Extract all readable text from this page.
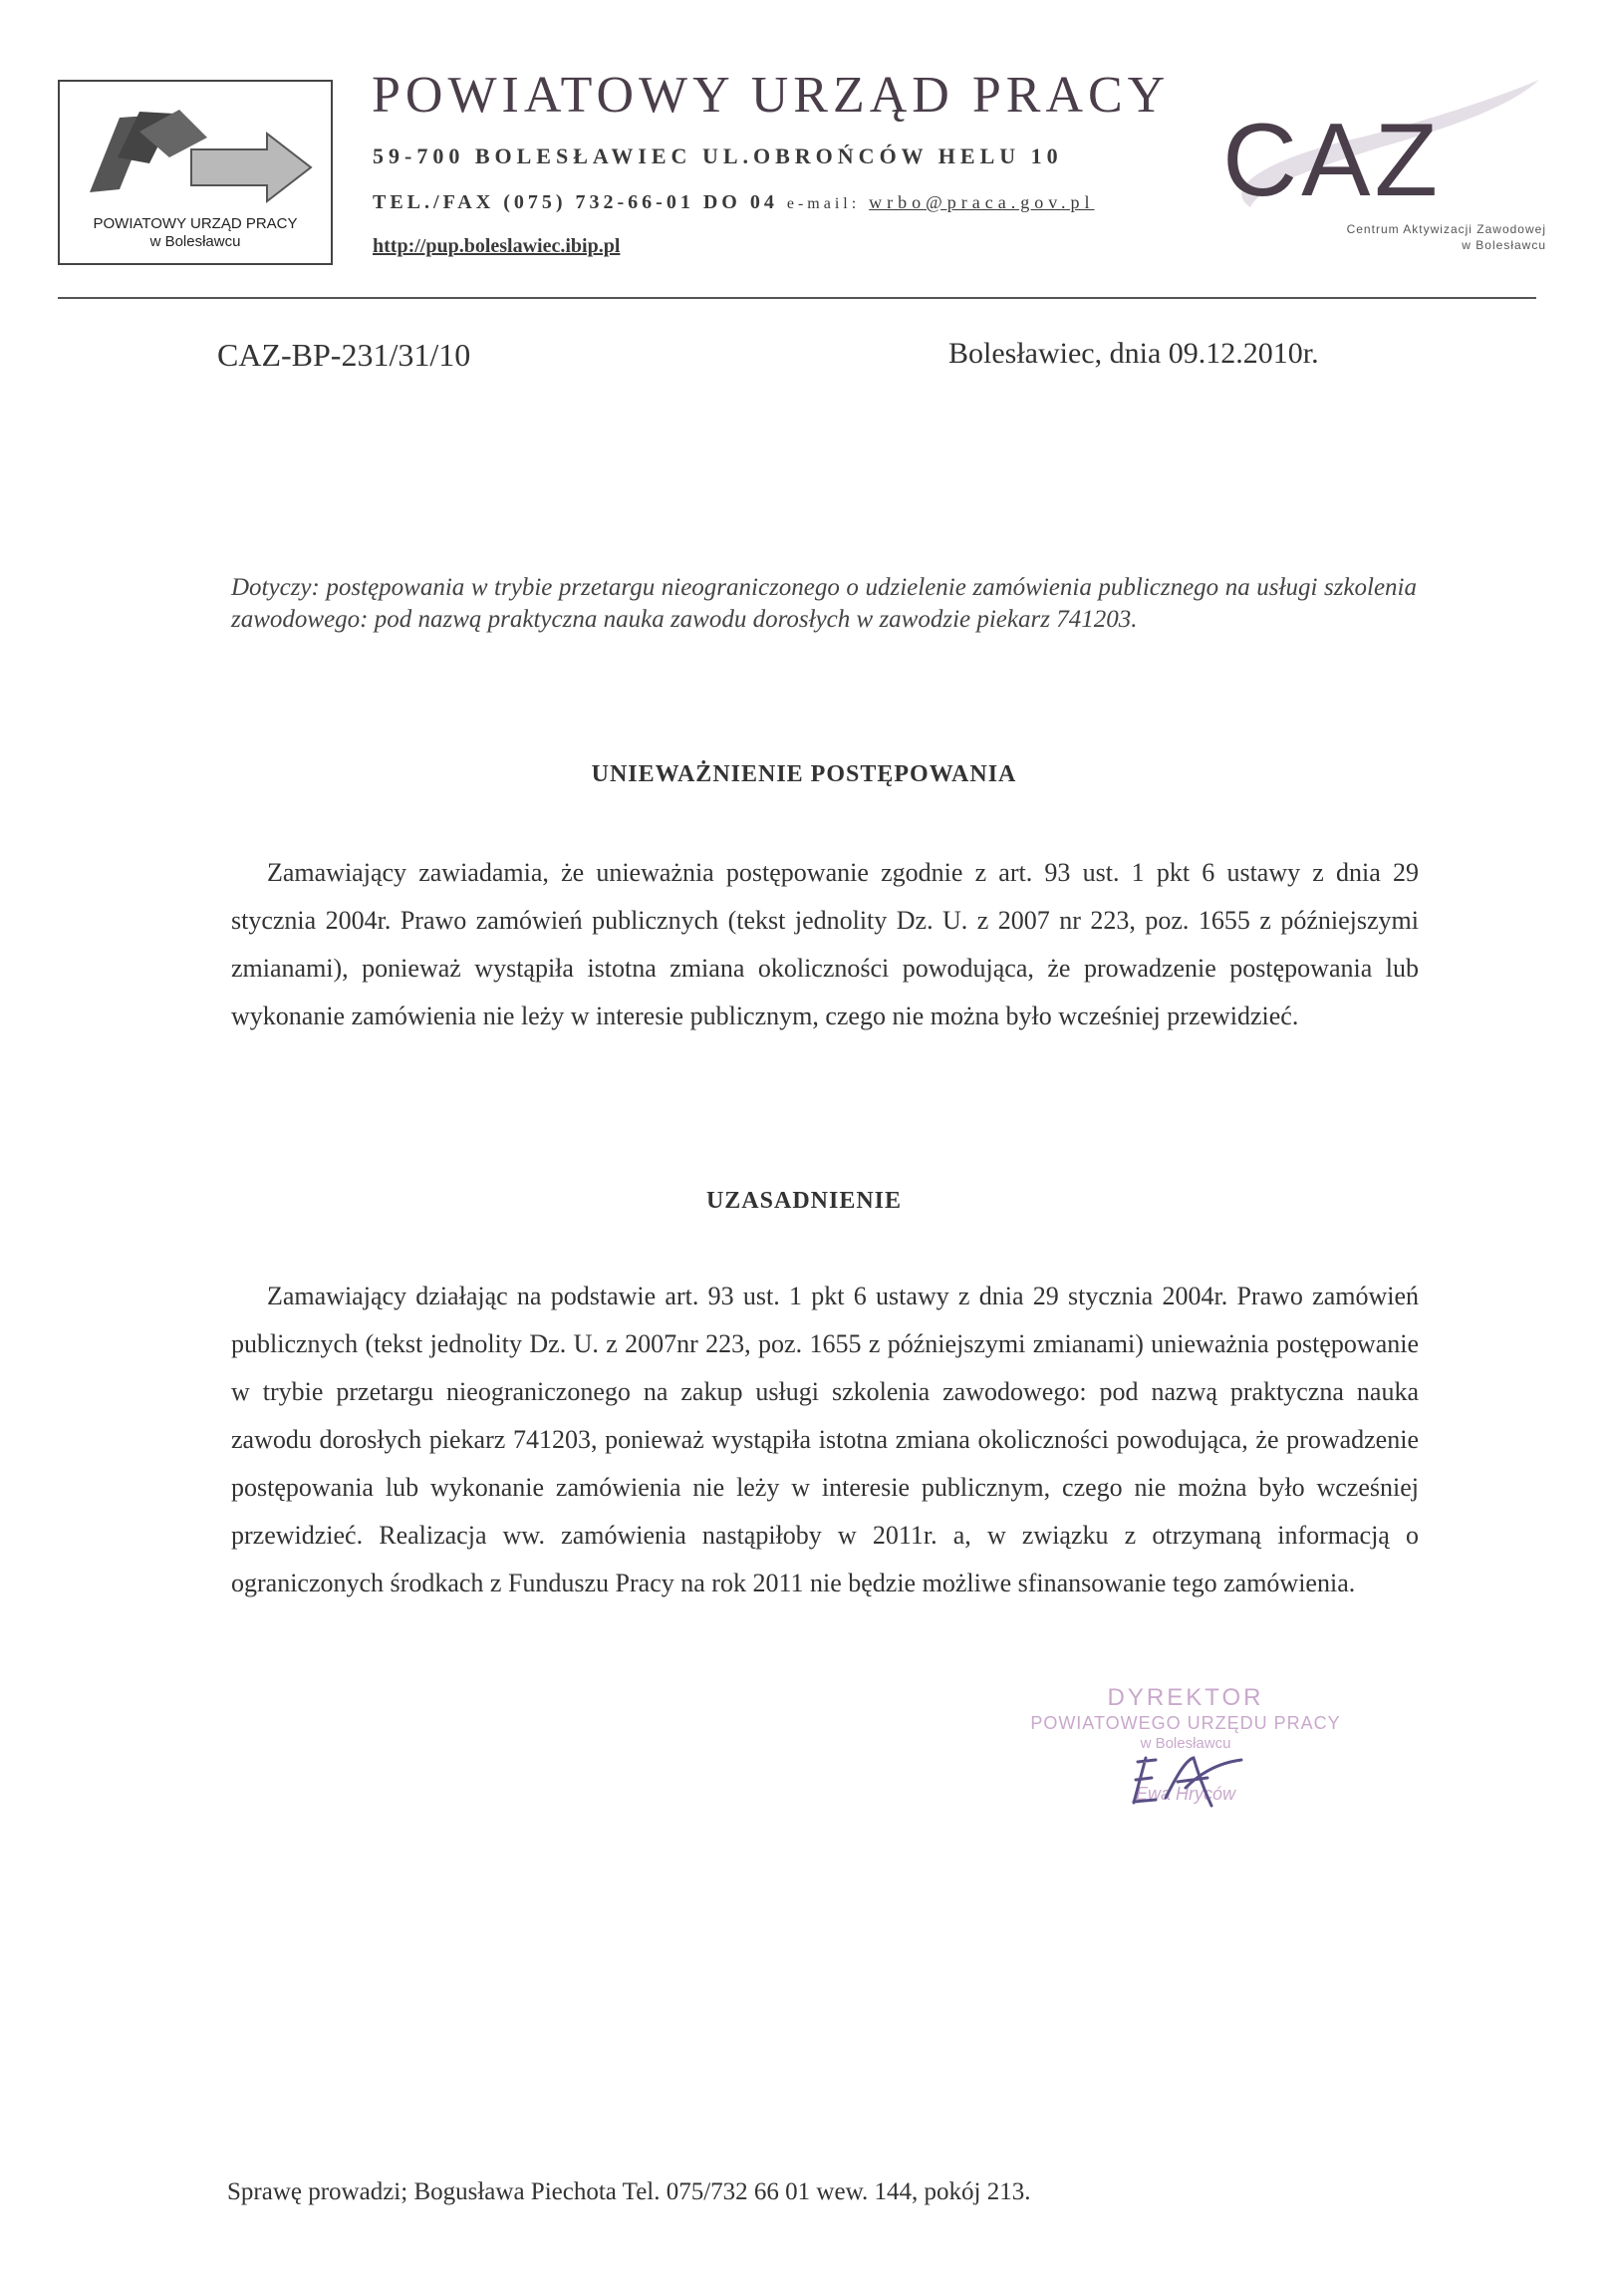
POWIATOWY URZĄD PRACY
w Bolesławcu
POWIATOWY URZĄD PRACY
59-700 BOLESŁAWIEC UL.OBROŃCÓW HELU 10
TEL./FAX (075) 732-66-01 DO 04 e-mail: wrbo@praca.gov.pl
http://pup.boleslawiec.ibip.pl
CAZ
Centrum Aktywizacji Zawodowej
w Bolesławcu
CAZ-BP-231/31/10	Bolesławiec, dnia 09.12.2010r.

Dotyczy: postępowania w trybie przetargu nieograniczonego o udzielenie zamówienia publicznego na usługi szkolenia zawodowego: pod nazwą praktyczna nauka zawodu dorosłych w zawodzie piekarz 741203.

UNIEWAŻNIENIE POSTĘPOWANIA

Zamawiający zawiadamia, że unieważnia postępowanie zgodnie z art. 93 ust. 1 pkt 6 ustawy z dnia 29 stycznia 2004r. Prawo zamówień publicznych (tekst jednolity Dz. U. z 2007 nr 223, poz. 1655 z późniejszymi zmianami), ponieważ wystąpiła istotna zmiana okoliczności powodująca, że prowadzenie postępowania lub wykonanie zamówienia nie leży w interesie publicznym, czego nie można było wcześniej przewidzieć.

UZASADNIENIE

Zamawiający działając na podstawie art. 93 ust. 1 pkt 6 ustawy z dnia 29 stycznia 2004r. Prawo zamówień publicznych (tekst jednolity Dz. U. z 2007nr 223, poz. 1655 z późniejszymi zmianami) unieważnia postępowanie w trybie przetargu nieograniczonego na zakup usługi szkolenia zawodowego: pod nazwą praktyczna nauka zawodu dorosłych piekarz 741203, ponieważ wystąpiła istotna zmiana okoliczności powodująca, że prowadzenie postępowania lub wykonanie zamówienia nie leży w interesie publicznym, czego nie można było wcześniej przewidzieć. Realizacja ww. zamówienia nastąpiłoby w 2011r. a, w związku z otrzymaną informacją o ograniczonych środkach z Funduszu Pracy na rok 2011 nie będzie możliwe sfinansowanie tego zamówienia.

DYREKTOR
POWIATOWEGO URZĘDU PRACY
w Bolesławcu
Ewa Hryców
Sprawę prowadzi; Bogusława Piechota Tel. 075/732 66 01 wew. 144, pokój 213.
